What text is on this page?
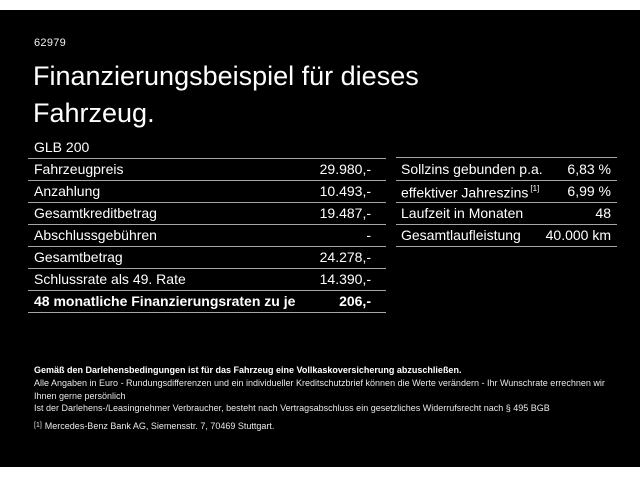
62979
Finanzierungsbeispiel für dieses Fahrzeug.
GLB 200
Fahrzeugpreis	29.980,-
Anzahlung	10.493,-
Gesamtkreditbetrag	19.487,-
Abschlussgebühren	-
Gesamtbetrag	24.278,-
Schlussrate als 49. Rate	14.390,-
48 monatliche Finanzierungsraten zu je	206,-
Sollzins gebunden p.a. 6,83 %
effektiver Jahreszins [1] 6,99 %
Laufzeit in Monaten	48
Gesamtlaufleistung 40.000 km
Gemäß den Darlehensbedingungen ist für das Fahrzeug eine Vollkaskoversicherung abzuschließen.
Alle Angaben in Euro - Rundungsdifferenzen und ein individueller Kreditschutzbrief können die Werte verändern - Ihr Wunschrate errechnen wir Ihnen gerne persönlich
Ist der Darlehens-/Leasingnehmer Verbraucher, besteht nach Vertragsabschluss ein gesetzliches Widerrufsrecht nach § 495 BGB
[1] Mercedes-Benz Bank AG, Siemensstr. 7, 70469 Stuttgart.
